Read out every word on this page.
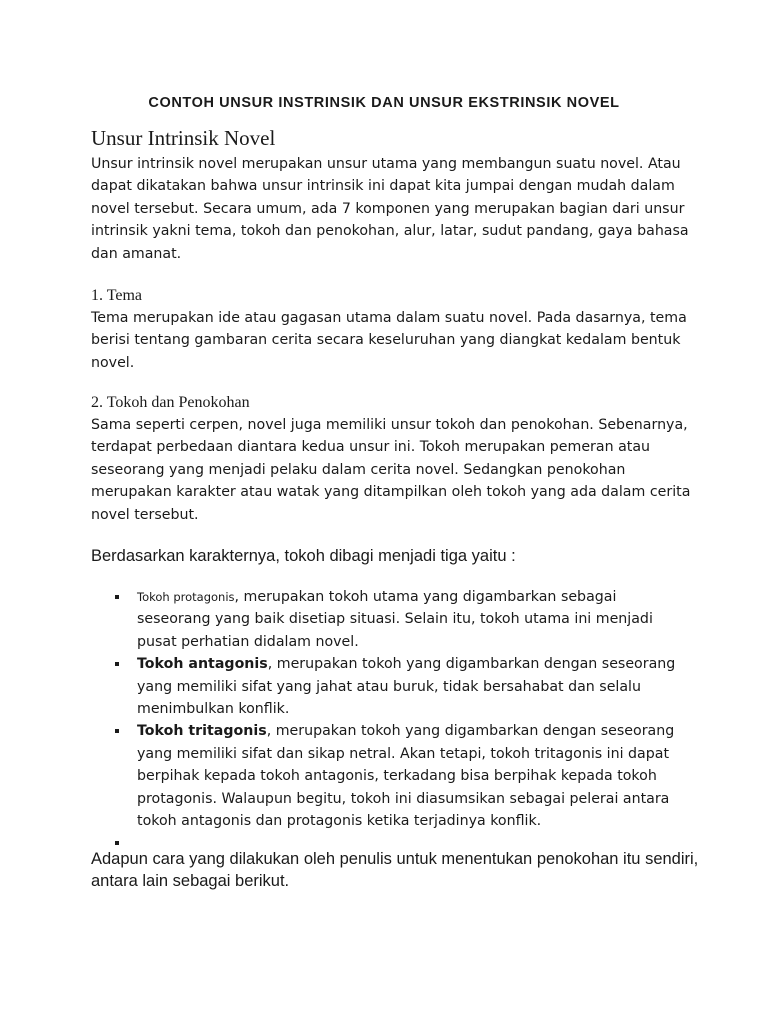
CONTOH UNSUR INSTRINSIK DAN UNSUR EKSTRINSIK NOVEL
Unsur Intrinsik Novel

Unsur intrinsik novel merupakan unsur utama yang membangun suatu novel. Atau dapat dikatakan bahwa unsur intrinsik ini dapat kita jumpai dengan mudah dalam novel tersebut. Secara umum, ada 7 komponen yang merupakan bagian dari unsur intrinsik yakni tema, tokoh dan penokohan, alur, latar, sudut pandang, gaya bahasa dan amanat.

1. Tema

Tema merupakan ide atau gagasan utama dalam suatu novel. Pada dasarnya, tema berisi tentang gambaran cerita secara keseluruhan yang diangkat kedalam bentuk novel.

2. Tokoh dan Penokohan

Sama seperti cerpen, novel juga memiliki unsur tokoh dan penokohan. Sebenarnya, terdapat perbedaan diantara kedua unsur ini. Tokoh merupakan pemeran atau seseorang yang menjadi pelaku dalam cerita novel. Sedangkan penokohan merupakan karakter atau watak yang ditampilkan oleh tokoh yang ada dalam cerita novel tersebut.

Berdasarkan karakternya, tokoh dibagi menjadi tiga yaitu :

Tokoh protagonis, merupakan tokoh utama yang digambarkan sebagai seseorang yang baik disetiap situasi. Selain itu, tokoh utama ini menjadi pusat perhatian didalam novel.
Tokoh antagonis, merupakan tokoh yang digambarkan dengan seseorang yang memiliki sifat yang jahat atau buruk, tidak bersahabat dan selalu menimbulkan konflik.
Tokoh tritagonis, merupakan tokoh yang digambarkan dengan seseorang yang memiliki sifat dan sikap netral. Akan tetapi, tokoh tritagonis ini dapat berpihak kepada tokoh antagonis, terkadang bisa berpihak kepada tokoh protagonis. Walaupun begitu, tokoh ini diasumsikan sebagai pelerai antara tokoh antagonis dan protagonis ketika terjadinya konflik.

Adapun cara yang dilakukan oleh penulis untuk menentukan penokohan itu sendiri, antara lain sebagai berikut.
